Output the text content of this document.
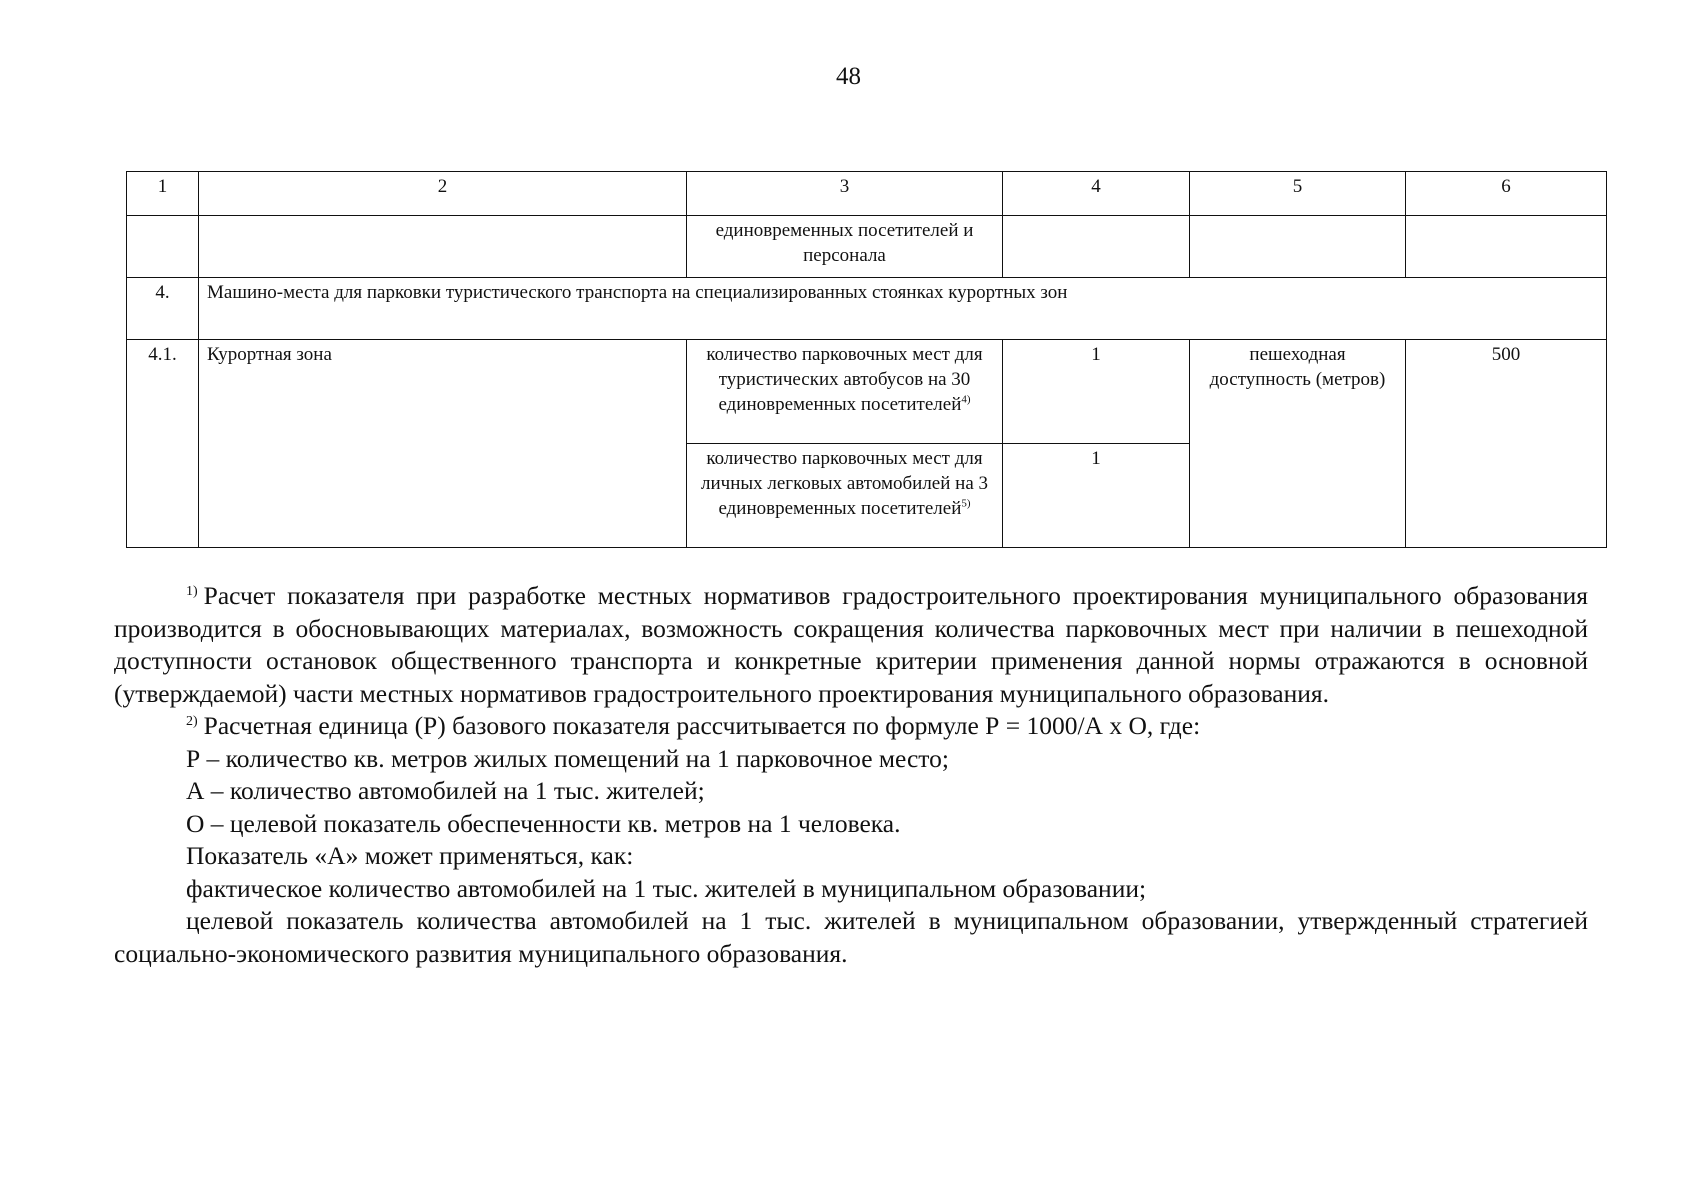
48
1	2	3	4	5	6
		единовременных посетителей и персонала			
4.	Машино-места для парковки туристического транспорта на специализированных стоянках курортных зон				
4.1.	Курортная зона	количество парковочных мест для туристических автобусов на 30 единовременных посетителей$^{4)}$	1	пешеходная доступность (метров)	500
		количество парковочных мест для личных легковых автомобилей на 3 единовременных посетителей$^{5)}$	1		

$^{1)}$ Расчет показателя при разработке местных нормативов градостроительного проектирования муниципального образования производится в обосновывающих материалах, возможность сокращения количества парковочных мест при наличии в пешеходной доступности остановок общественного транспорта и конкретные критерии применения данной нормы отражаются в основной (утверждаемой) части местных нормативов градостроительного проектирования муниципального образования.

$^{2)}$ Расчетная единица (Р) базового показателя рассчитывается по формуле Р = 1000/А х О, где:

Р – количество кв. метров жилых помещений на 1 парковочное место;

А – количество автомобилей на 1 тыс. жителей;

О – целевой показатель обеспеченности кв. метров на 1 человека.

Показатель «А» может применяться, как:

фактическое количество автомобилей на 1 тыс. жителей в муниципальном образовании;

целевой показатель количества автомобилей на 1 тыс. жителей в муниципальном образовании, утвержденный стратегией социально-экономического развития муниципального образования.
